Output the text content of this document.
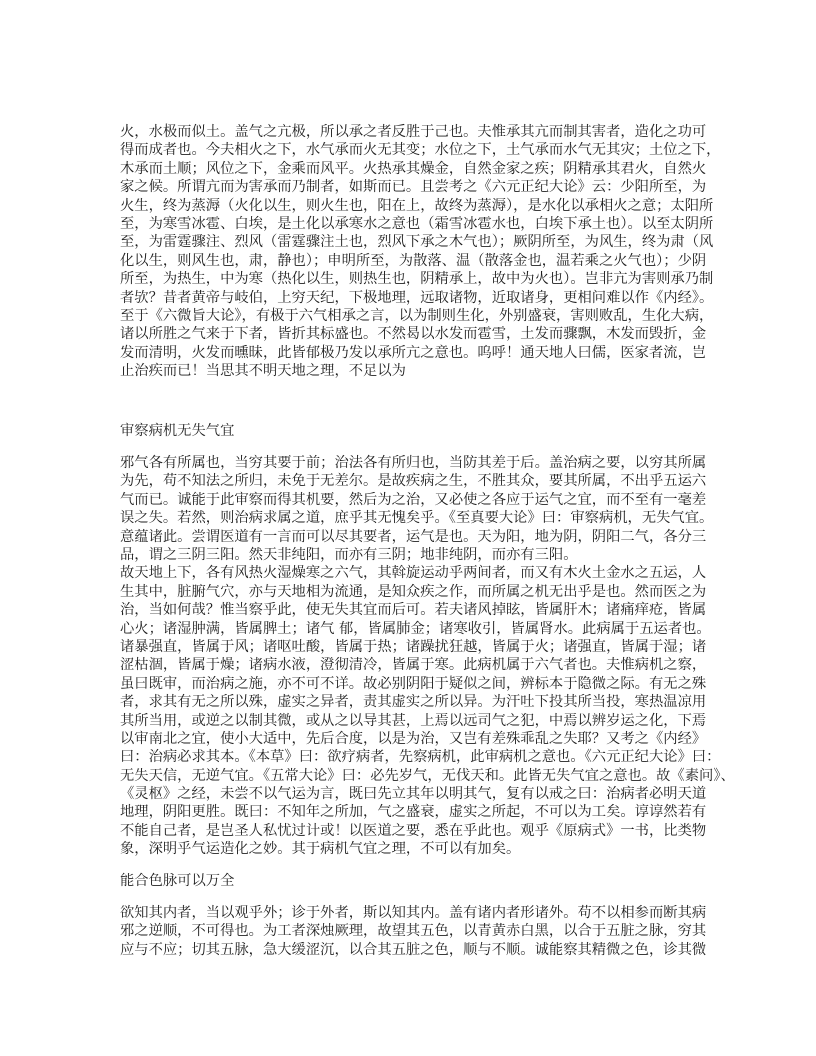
火，水极而似土。盖气之亢极，所以承之者反胜于己也。夫惟承其亢而制其害者，造化之功可
得而成者也。今夫相火之下，水气承而火无其变；水位之下，土气承而水气无其灾；土位之下，
木承而土顺；风位之下，金乘而风平。火热承其燥金，自然金家之疾；阴精承其君火，自然火
家之候。所谓亢而为害承而乃制者，如斯而已。且尝考之《六元正纪大论》云：少阳所至，为
火生，终为蒸溽（火化以生，则火生也，阳在上，故终为蒸溽），是水化以承相火之意；太阳所
至，为寒雪冰雹、白埃，是土化以承寒水之意也（霜雪冰雹水也，白埃下承土也）。以至太阴所
至，为雷霆骤注、烈风（雷霆骤注土也，烈风下承之木气也）；厥阴所至，为风生，终为肃（风
化以生，则风生也，肃，静也）；申明所至，为散落、温（散落金也，温若乘之火气也）；少阴
所至，为热生，中为寒（热化以生，则热生也，阴精承上，故中为火也）。岂非亢为害则承乃制
者欤？昔者黄帝与岐伯，上穷天纪，下极地理，远取诸物，近取诸身，更相问难以作《内经》。
至于《六微旨大论》，有极于六气相承之言，以为制则生化，外别盛衰，害则败乱，生化大病，
诸以所胜之气来于下者，皆折其标盛也。不然曷以水发而雹雪，土发而骤飘，木发而毁折，金
发而清明，火发而曛昧，此皆郁极乃发以承所亢之意也。呜呼！通天地人曰儒，医家者流，岂
止治疾而已！当思其不明天地之理，不足以为
审察病机无失气宜
邪气各有所属也，当穷其要于前；治法各有所归也，当防其差于后。盖治病之要，以穷其所属
为先，苟不知法之所归，未免于无差尔。是故疾病之生，不胜其众，要其所属，不出乎五运六
气而已。诚能于此审察而得其机要，然后为之治，又必使之各应于运气之宜，而不至有一毫差
误之失。若然，则治病求属之道，庶乎其无愧矣乎。《至真要大论》曰：审察病机，无失气宜。
意蕴诸此。尝谓医道有一言而可以尽其要者，运气是也。天为阳，地为阴，阴阳二气，各分三
品，谓之三阴三阳。然天非纯阳，而亦有三阴；地非纯阴，而亦有三阳。
故天地上下，各有风热火湿燥寒之六气，其斡旋运动乎两间者，而又有木火土金水之五运，人
生其中，脏腑气穴，亦与天地相为流通，是知众疾之作，而所属之机无出乎是也。然而医之为
治，当如何哉？惟当察乎此，使无失其宜而后可。若夫诸风掉眩，皆属肝木；诸痛痒疮，皆属
心火；诸湿肿满，皆属脾土；诸气 郁，皆属肺金；诸寒收引，皆属肾水。此病属于五运者也。
诸暴强直，皆属于风；诸呕吐酸，皆属于热；诸躁扰狂越，皆属于火；诸强直，皆属于湿；诸
涩枯涸，皆属于燥；诸病水液，澄彻清冷，皆属于寒。此病机属于六气者也。夫惟病机之察，
虽曰既审，而治病之施，亦不可不详。故必别阴阳于疑似之间，辨标本于隐微之际。有无之殊
者，求其有无之所以殊，虚实之异者，责其虚实之所以异。为汗吐下投其所当投，寒热温凉用
其所当用，或逆之以制其微，或从之以导其甚，上焉以远司气之犯，中焉以辨岁运之化，下焉
以审南北之宜，使小大适中，先后合度，以是为治，又岂有差殊乖乱之失耶？又考之《内经》
曰：治病必求其本。《本草》曰：欲疗病者，先察病机，此审病机之意也。《六元正纪大论》曰：
无失天信，无逆气宜。《五常大论》曰：必先岁气，无伐天和。此皆无失气宜之意也。故《素问》、
《灵枢》之经，未尝不以气运为言，既曰先立其年以明其气，复有以戒之曰：治病者必明天道
地理，阴阳更胜。既曰：不知年之所加，气之盛衰，虚实之所起，不可以为工矣。谆谆然若有
不能自己者，是岂圣人私忧过计或！以医道之要，悉在乎此也。观乎《原病式》一书，比类物
象，深明乎气运造化之妙。其于病机气宜之理，不可以有加矣。
能合色脉可以万全
欲知其内者，当以观乎外；诊于外者，斯以知其内。盖有诸内者形诸外。苟不以相参而断其病
邪之逆顺，不可得也。为工者深烛厥理，故望其五色，以青黄赤白黑，以合于五脏之脉，穷其
应与不应；切其五脉，急大缓涩沉，以合其五脏之色，顺与不顺。诚能察其精微之色，诊其微
